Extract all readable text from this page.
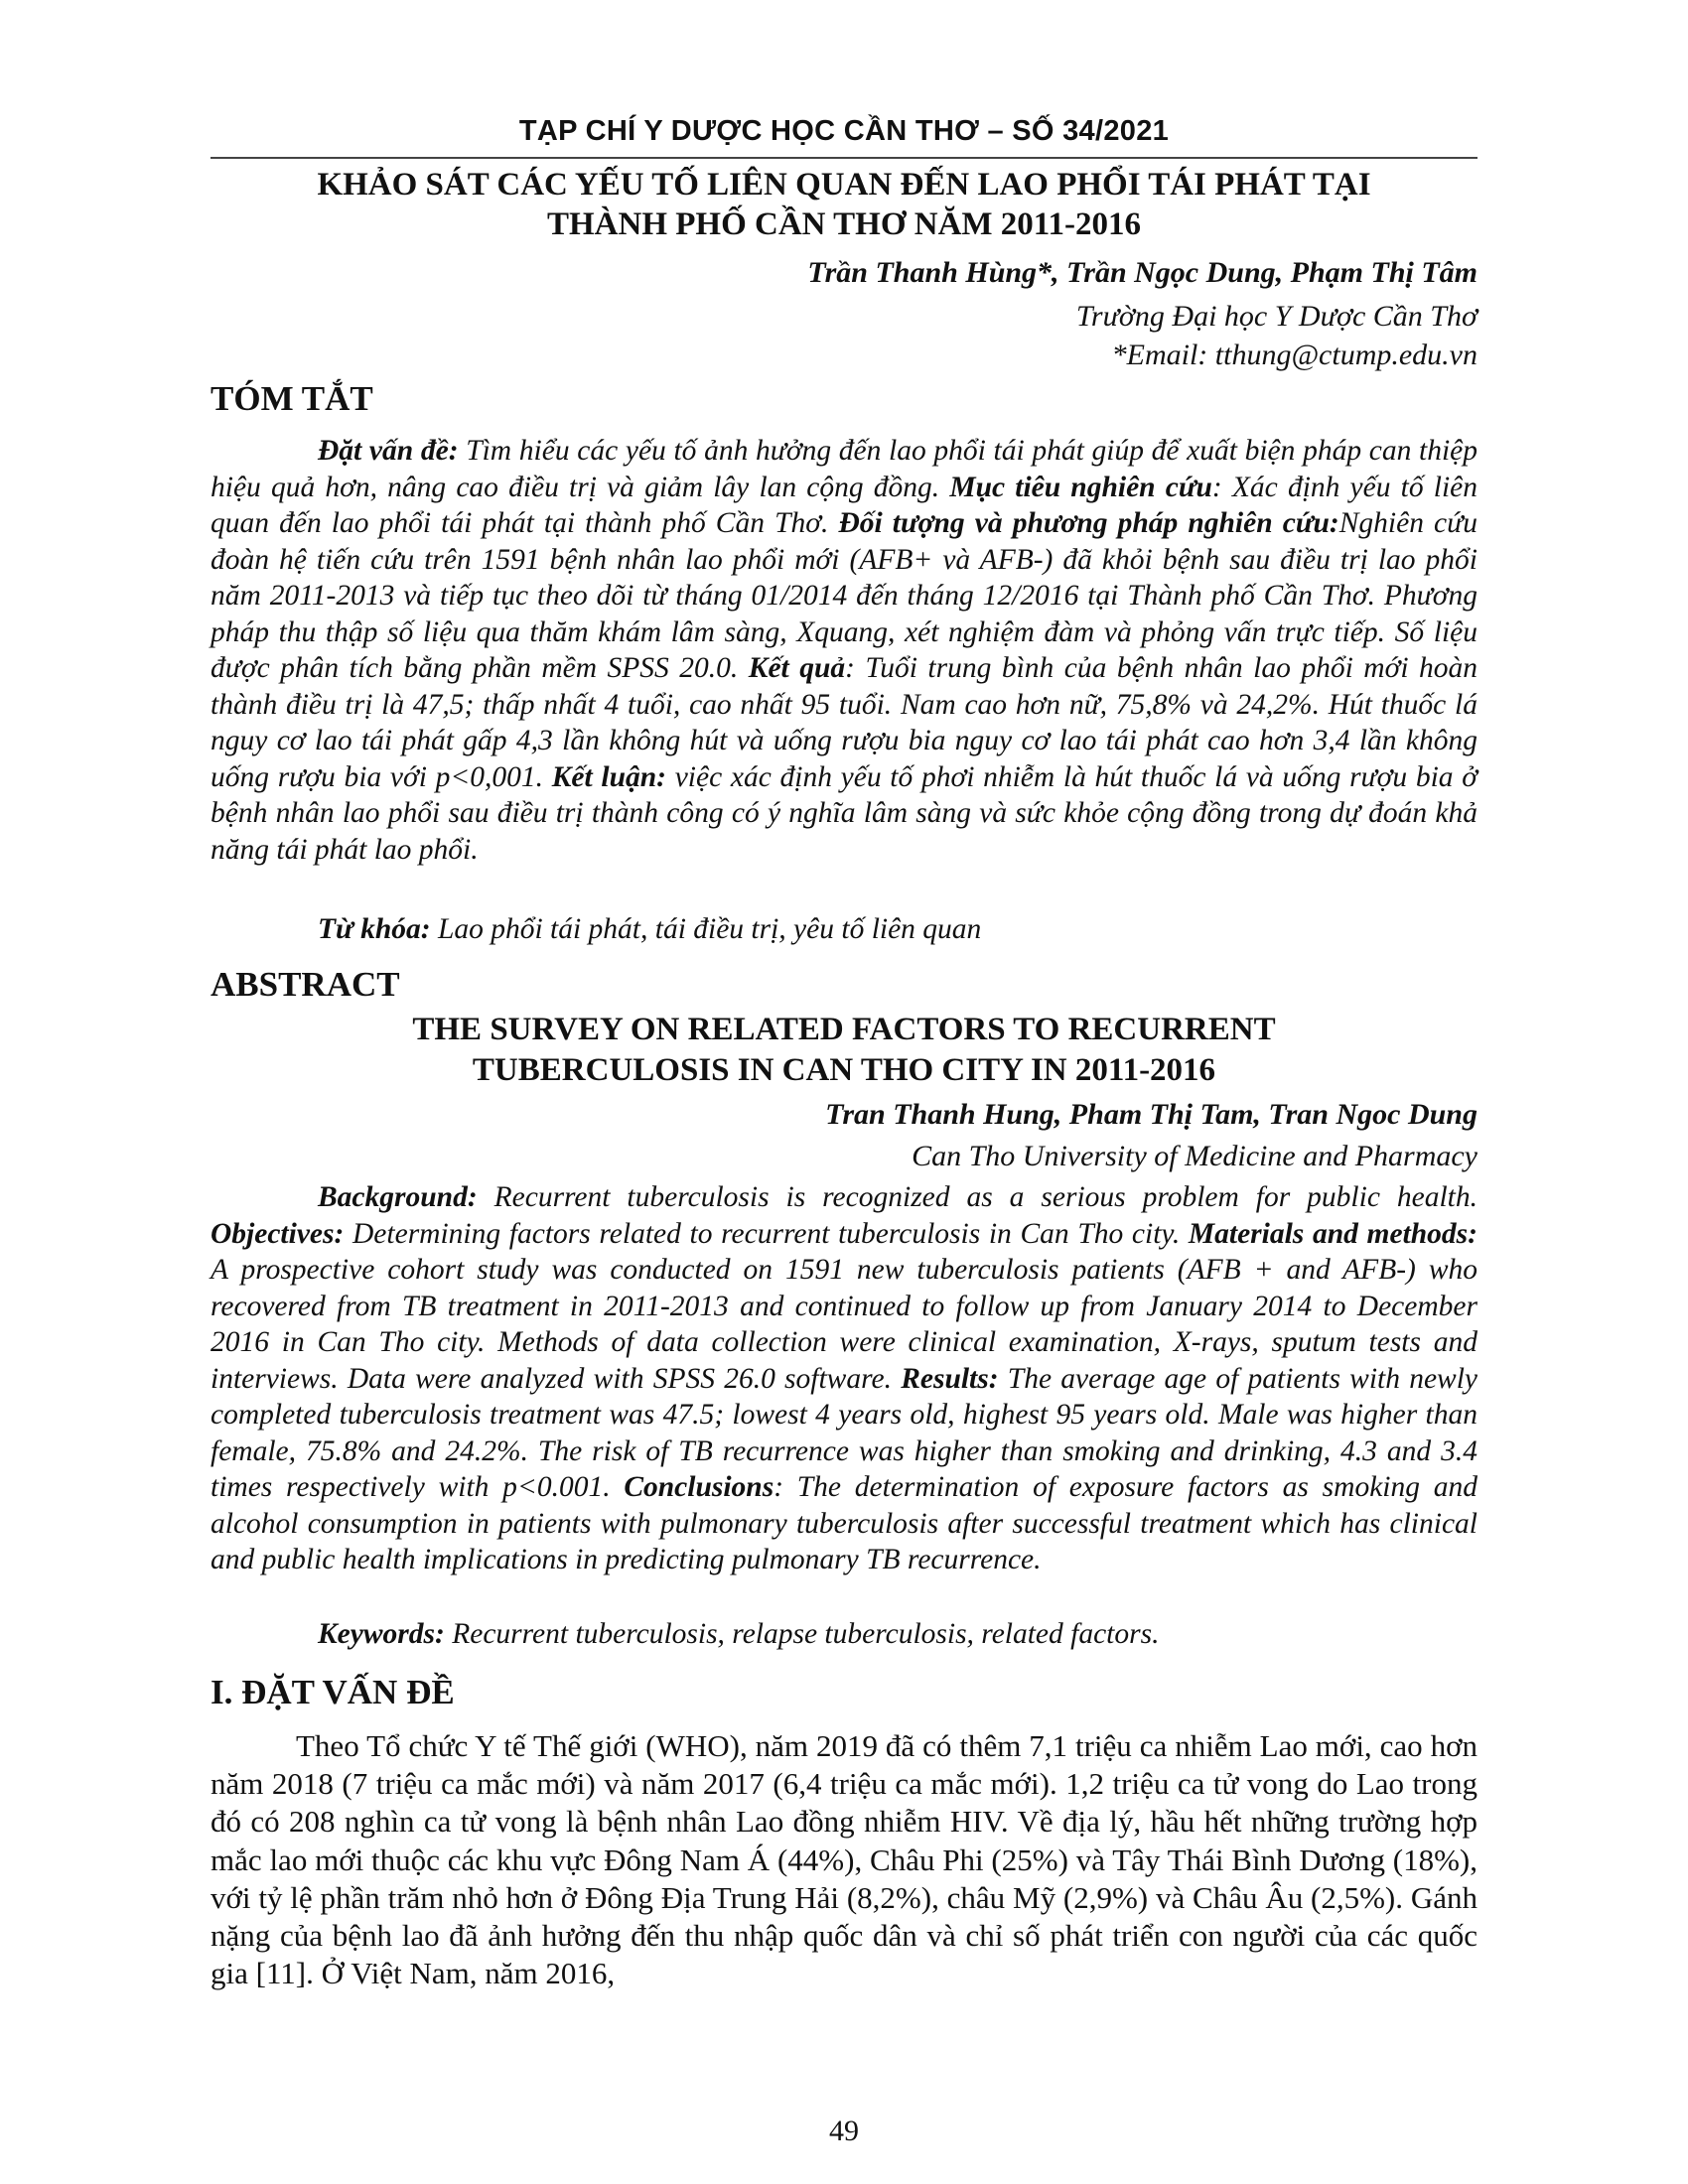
TẠP CHÍ Y DƯỢC HỌC CẦN THƠ – SỐ 34/2021
KHẢO SÁT CÁC YẾU TỐ LIÊN QUAN ĐẾN LAO PHỔI TÁI PHÁT TẠI
THÀNH PHỐ CẦN THƠ NĂM 2011-2016
Trần Thanh Hùng*, Trần Ngọc Dung, Phạm Thị Tâm
Trường Đại học Y Dược Cần Thơ
*Email: tthung@ctump.edu.vn
TÓM TẮT

Đặt vấn đề: Tìm hiểu các yếu tố ảnh hưởng đến lao phổi tái phát giúp để xuất biện pháp can thiệp hiệu quả hơn, nâng cao điều trị và giảm lây lan cộng đồng. Mục tiêu nghiên cứu: Xác định yếu tố liên quan đến lao phổi tái phát tại thành phố Cần Thơ. Đối tượng và phương pháp nghiên cứu:Nghiên cứu đoàn hệ tiến cứu trên 1591 bệnh nhân lao phổi mới (AFB+ và AFB-) đã khỏi bệnh sau điều trị lao phổi năm 2011-2013 và tiếp tục theo dõi từ tháng 01/2014 đến tháng 12/2016 tại Thành phố Cần Thơ. Phương pháp thu thập số liệu qua thăm khám lâm sàng, Xquang, xét nghiệm đàm và phỏng vấn trực tiếp. Số liệu được phân tích bằng phần mềm SPSS 20.0. Kết quả: Tuổi trung bình của bệnh nhân lao phổi mới hoàn thành điều trị là 47,5; thấp nhất 4 tuổi, cao nhất 95 tuổi. Nam cao hơn nữ, 75,8% và 24,2%. Hút thuốc lá nguy cơ lao tái phát gấp 4,3 lần không hút và uống rượu bia nguy cơ lao tái phát cao hơn 3,4 lần không uống rượu bia với p<0,001. Kết luận: việc xác định yếu tố phơi nhiễm là hút thuốc lá và uống rượu bia ở bệnh nhân lao phổi sau điều trị thành công có ý nghĩa lâm sàng và sức khỏe cộng đồng trong dự đoán khả năng tái phát lao phổi.

Từ khóa: Lao phổi tái phát, tái điều trị, yêu tố liên quan
ABSTRACT
THE SURVEY ON RELATED FACTORS TO RECURRENT
TUBERCULOSIS IN CAN THO CITY IN 2011-2016
Tran Thanh Hung, Pham Thị Tam, Tran Ngoc Dung
Can Tho University of Medicine and Pharmacy

Background: Recurrent tuberculosis is recognized as a serious problem for public health. Objectives: Determining factors related to recurrent tuberculosis in Can Tho city. Materials and methods: A prospective cohort study was conducted on 1591 new tuberculosis patients (AFB + and AFB-) who recovered from TB treatment in 2011-2013 and continued to follow up from January 2014 to December 2016 in Can Tho city. Methods of data collection were clinical examination, X-rays, sputum tests and interviews. Data were analyzed with SPSS 26.0 software. Results: The average age of patients with newly completed tuberculosis treatment was 47.5; lowest 4 years old, highest 95 years old. Male was higher than female, 75.8% and 24.2%. The risk of TB recurrence was higher than smoking and drinking, 4.3 and 3.4 times respectively with p<0.001. Conclusions: The determination of exposure factors as smoking and alcohol consumption in patients with pulmonary tuberculosis after successful treatment which has clinical and public health implications in predicting pulmonary TB recurrence.

Keywords: Recurrent tuberculosis, relapse tuberculosis, related factors.
I. ĐẶT VẤN ĐỀ

Theo Tổ chức Y tế Thế giới (WHO), năm 2019 đã có thêm 7,1 triệu ca nhiễm Lao mới, cao hơn năm 2018 (7 triệu ca mắc mới) và năm 2017 (6,4 triệu ca mắc mới). 1,2 triệu ca tử vong do Lao trong đó có 208 nghìn ca tử vong là bệnh nhân Lao đồng nhiễm HIV. Về địa lý, hầu hết những trường hợp mắc lao mới thuộc các khu vực Đông Nam Á (44%), Châu Phi (25%) và Tây Thái Bình Dương (18%), với tỷ lệ phần trăm nhỏ hơn ở Đông Địa Trung Hải (8,2%), châu Mỹ (2,9%) và Châu Âu (2,5%). Gánh nặng của bệnh lao đã ảnh hưởng đến thu nhập quốc dân và chỉ số phát triển con người của các quốc gia [11]. Ở Việt Nam, năm 2016,

49
